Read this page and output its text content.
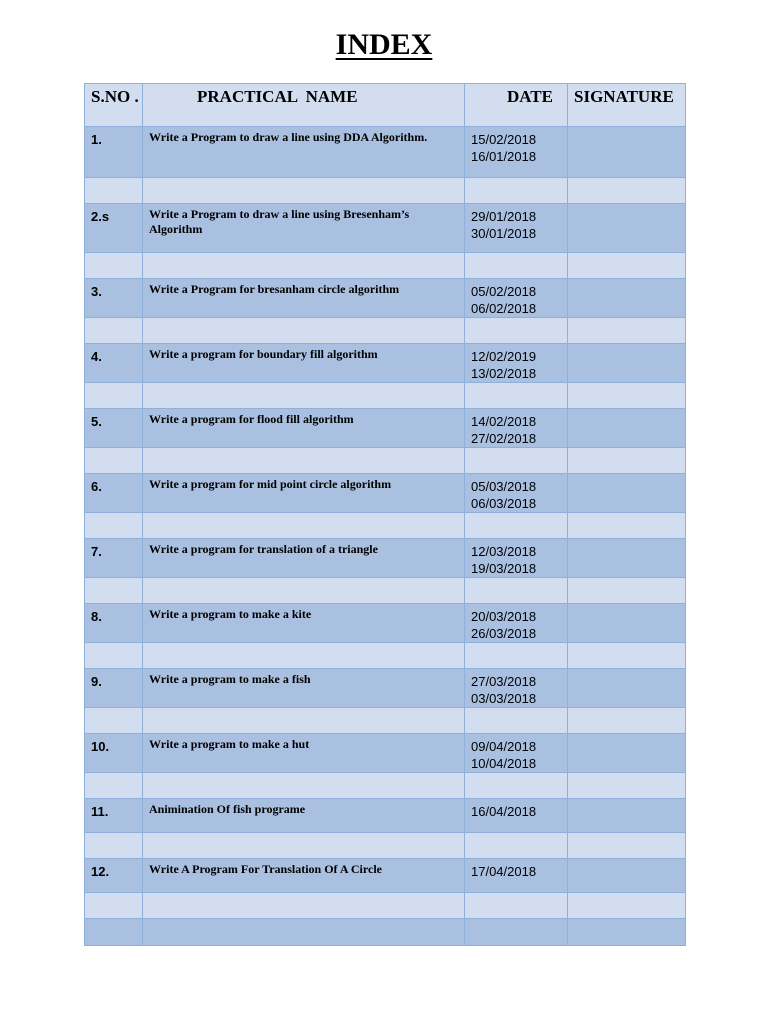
INDEX
S.NO .	PRACTICAL  NAME	DATE	SIGNATURE

1.	Write a Program to draw a line using DDA Algorithm.	15/02/2018
16/01/2018	

2.s	Write a Program to draw a line using Bresenham’s Algorithm	29/01/2018
30/01/2018	

3.	Write a Program for bresanham circle algorithm	05/02/2018
06/02/2018	

4.	Write a program for boundary fill algorithm	12/02/2019
13/02/2018	

5.	Write a program for flood fill algorithm	14/02/2018
27/02/2018	

6.	Write a program for mid point circle algorithm	05/03/2018
06/03/2018	

7.	Write a program for translation of a triangle	12/03/2018
19/03/2018	

8.	Write a program to make a kite	20/03/2018
26/03/2018	

9.	Write a program to make a fish	27/03/2018
03/03/2018	

10.	Write a program to make a hut	09/04/2018
10/04/2018	

11.	Animination Of fish programe	16/04/2018	

12.	Write A Program For Translation Of A Circle	17/04/2018	
